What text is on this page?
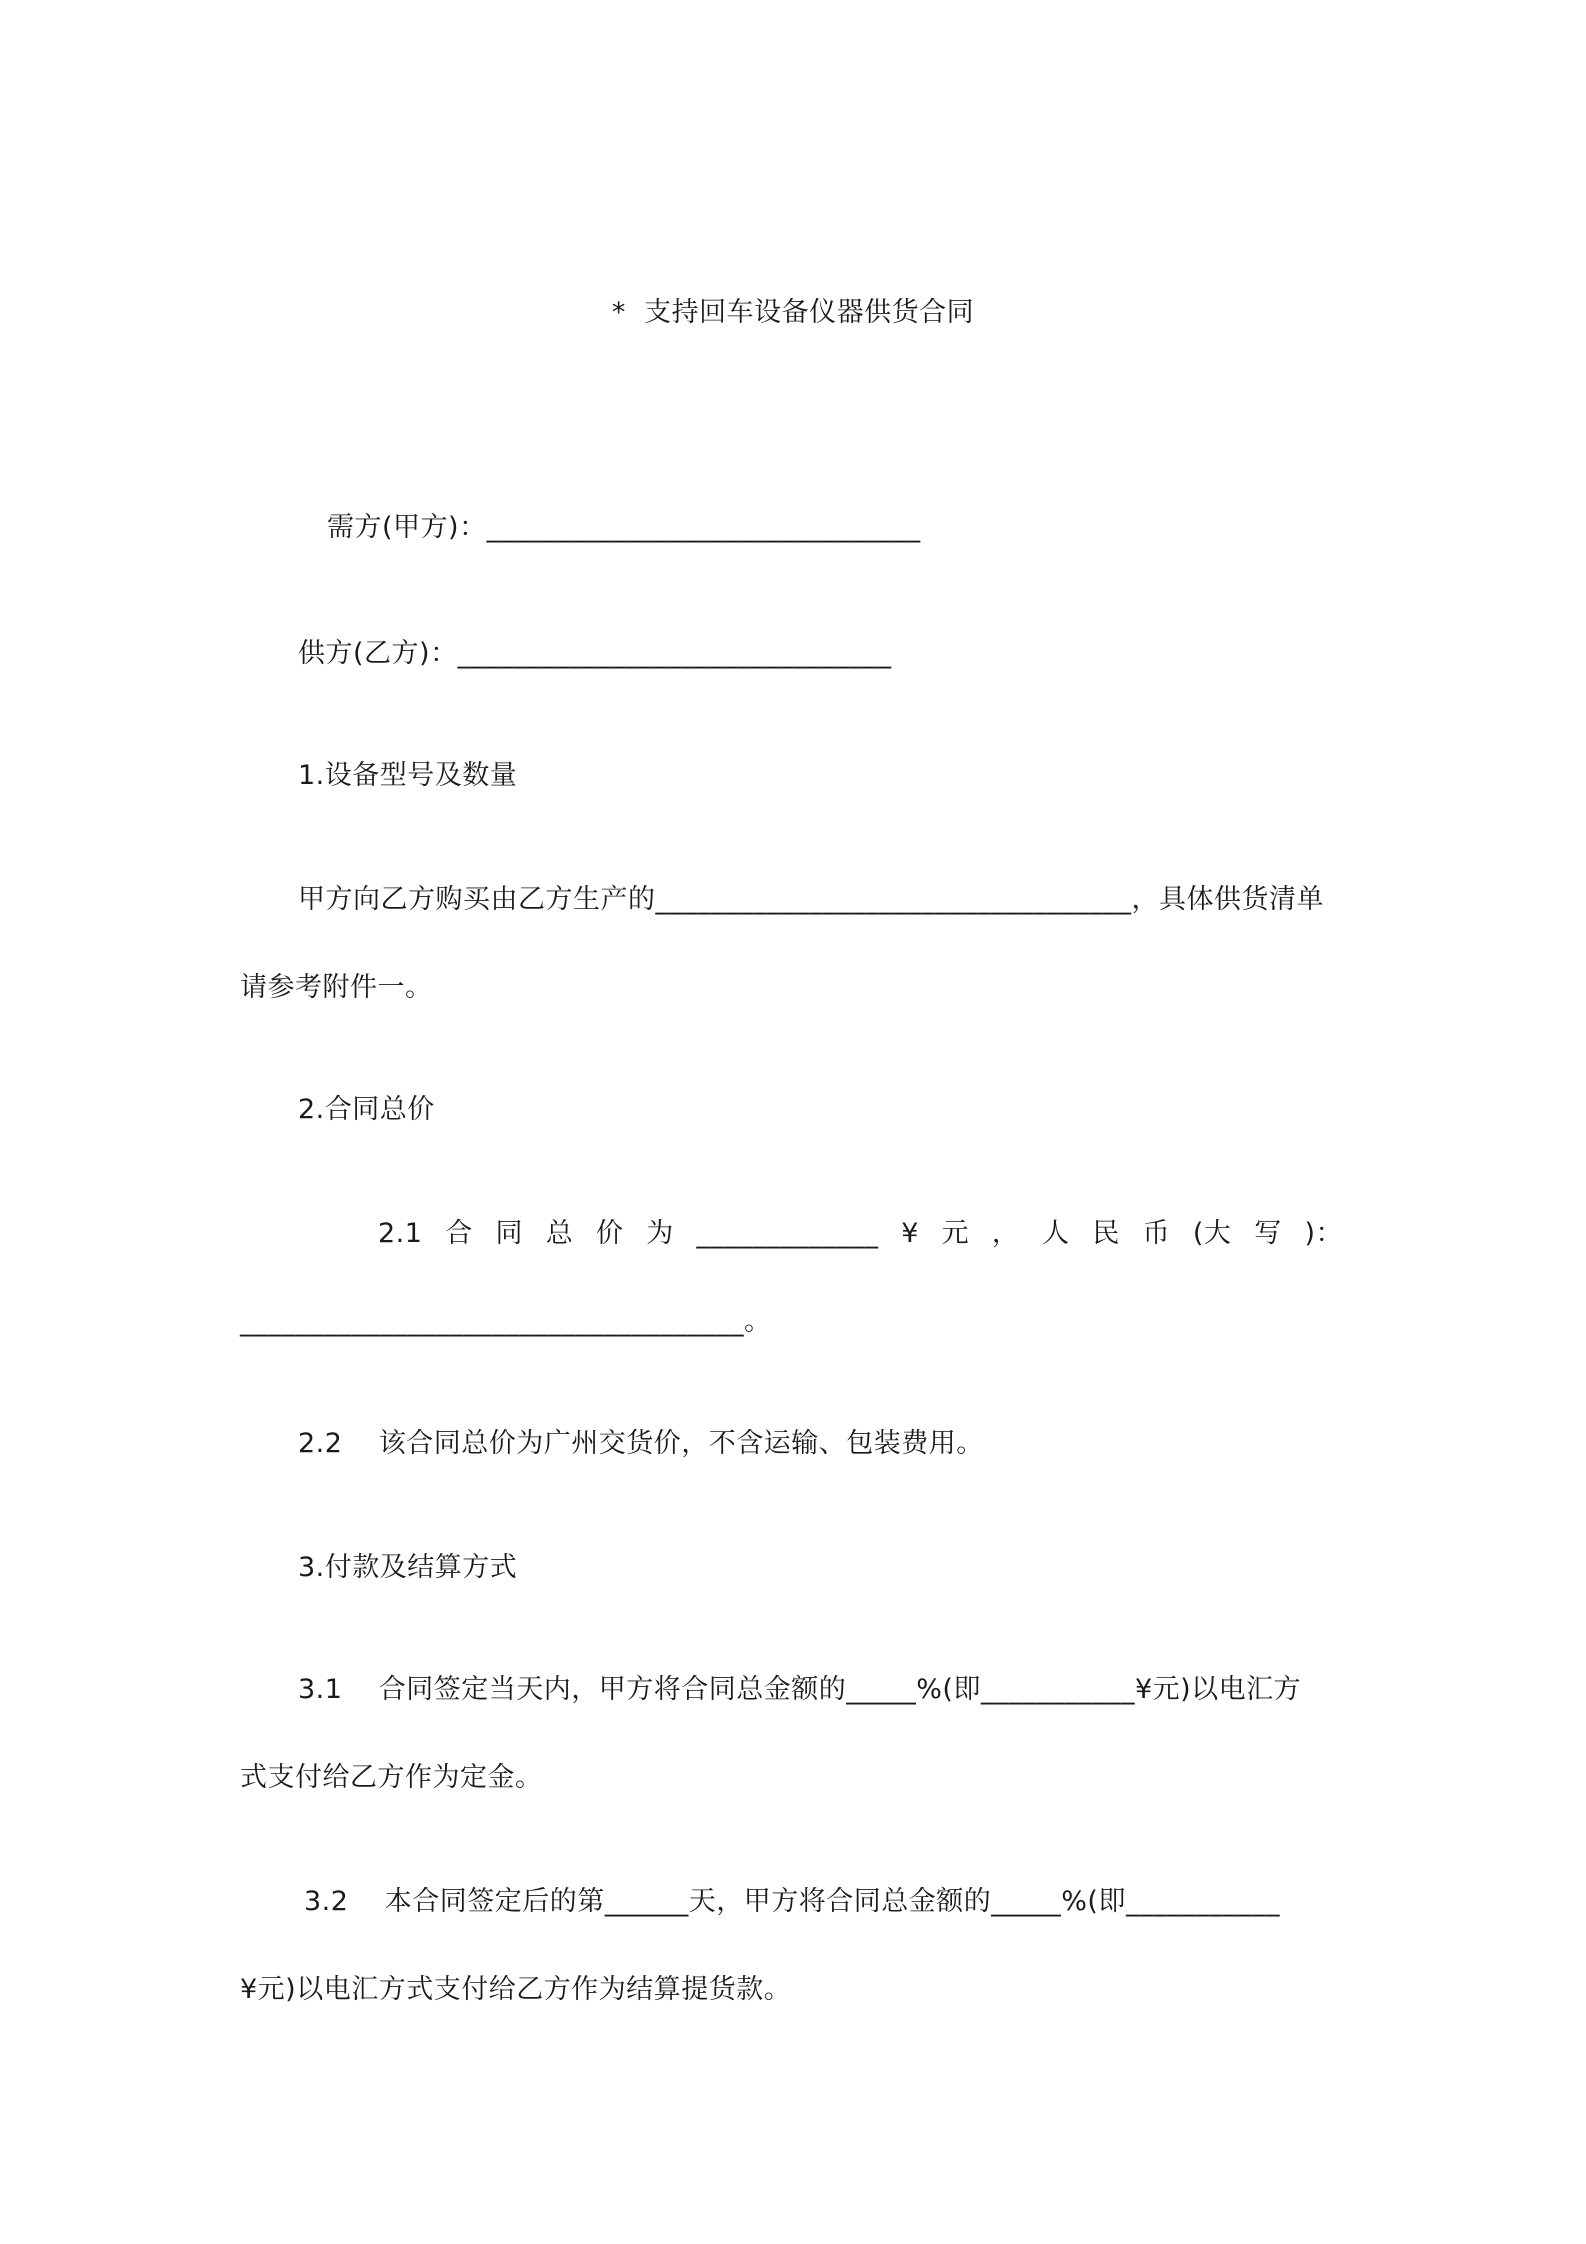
*  支持回车设备仪器供货合同
需方(甲方)：_______________________________
供方(乙方)：_______________________________
1.设备型号及数量
甲方向乙方购买由乙方生产的__________________________________，具体供货清单
请参考附件一。
2.合同总价
2.1 合 同 总 价 为 _____________ ¥ 元 ， 人 民 币 (大 写 )：
____________________________________。
2.2    该合同总价为广州交货价，不含运输、包装费用。
3.付款及结算方式
3.1    合同签定当天内，甲方将合同总金额的_____%(即___________¥元)以电汇方
式支付给乙方作为定金。
3.2    本合同签定后的第______天，甲方将合同总金额的_____%(即___________
¥元)以电汇方式支付给乙方作为结算提货款。
